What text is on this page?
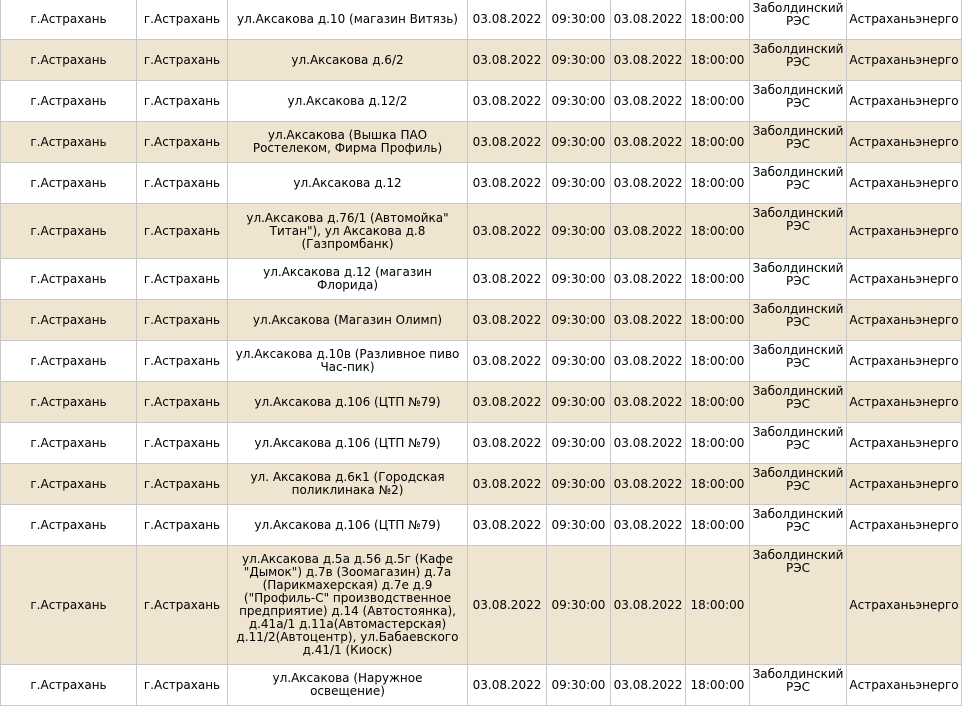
г.Астрахань	г.Астрахань	ул.Аксакова д.10 (магазин Витязь)	03.08.2022	09:30:00	03.08.2022	18:00:00	Заболдинский РЭС	Астраханьэнерго
г.Астрахань	г.Астрахань	ул.Аксакова д.6/2	03.08.2022	09:30:00	03.08.2022	18:00:00	Заболдинский РЭС	Астраханьэнерго
г.Астрахань	г.Астрахань	ул.Аксакова д.12/2	03.08.2022	09:30:00	03.08.2022	18:00:00	Заболдинский РЭС	Астраханьэнерго
г.Астрахань	г.Астрахань	ул.Аксакова (Вышка ПАО Ростелеком, Фирма Профиль)	03.08.2022	09:30:00	03.08.2022	18:00:00	Заболдинский РЭС	Астраханьэнерго
г.Астрахань	г.Астрахань	ул.Аксакова д.12	03.08.2022	09:30:00	03.08.2022	18:00:00	Заболдинский РЭС	Астраханьэнерго
г.Астрахань	г.Астрахань	ул.Аксакова д.76/1 (Автомойка" Титан"), ул Аксакова д.8 (Газпромбанк)	03.08.2022	09:30:00	03.08.2022	18:00:00	Заболдинский РЭС	Астраханьэнерго
г.Астрахань	г.Астрахань	ул.Аксакова д.12 (магазин Флорида)	03.08.2022	09:30:00	03.08.2022	18:00:00	Заболдинский РЭС	Астраханьэнерго
г.Астрахань	г.Астрахань	ул.Аксакова (Магазин Олимп)	03.08.2022	09:30:00	03.08.2022	18:00:00	Заболдинский РЭС	Астраханьэнерго
г.Астрахань	г.Астрахань	ул.Аксакова д.10в (Разливное пиво Час-пик)	03.08.2022	09:30:00	03.08.2022	18:00:00	Заболдинский РЭС	Астраханьэнерго
г.Астрахань	г.Астрахань	ул.Аксакова д.106 (ЦТП №79)	03.08.2022	09:30:00	03.08.2022	18:00:00	Заболдинский РЭС	Астраханьэнерго
г.Астрахань	г.Астрахань	ул.Аксакова д.106 (ЦТП №79)	03.08.2022	09:30:00	03.08.2022	18:00:00	Заболдинский РЭС	Астраханьэнерго
г.Астрахань	г.Астрахань	ул. Аксакова д.6к1 (Городская поликлинака №2)	03.08.2022	09:30:00	03.08.2022	18:00:00	Заболдинский РЭС	Астраханьэнерго
г.Астрахань	г.Астрахань	ул.Аксакова д.106 (ЦТП №79)	03.08.2022	09:30:00	03.08.2022	18:00:00	Заболдинский РЭС	Астраханьэнерго
г.Астрахань	г.Астрахань	ул.Аксакова д.5а д.56 д.5г (Кафе "Дымок") д.7в (Зоомагазин) д.7а (Парикмахерская) д.7е д.9 ("Профиль-С" производственное предприятие) д.14 (Автостоянка), д.41а/1 д.11а(Автомастерская) д.11/2(Автоцентр), ул.Бабаевского д.41/1 (Киоск)	03.08.2022	09:30:00	03.08.2022	18:00:00	Заболдинский РЭС	Астраханьэнерго
г.Астрахань	г.Астрахань	ул.Аксакова (Наружное освещение)	03.08.2022	09:30:00	03.08.2022	18:00:00	Заболдинский РЭС	Астраханьэнерго
